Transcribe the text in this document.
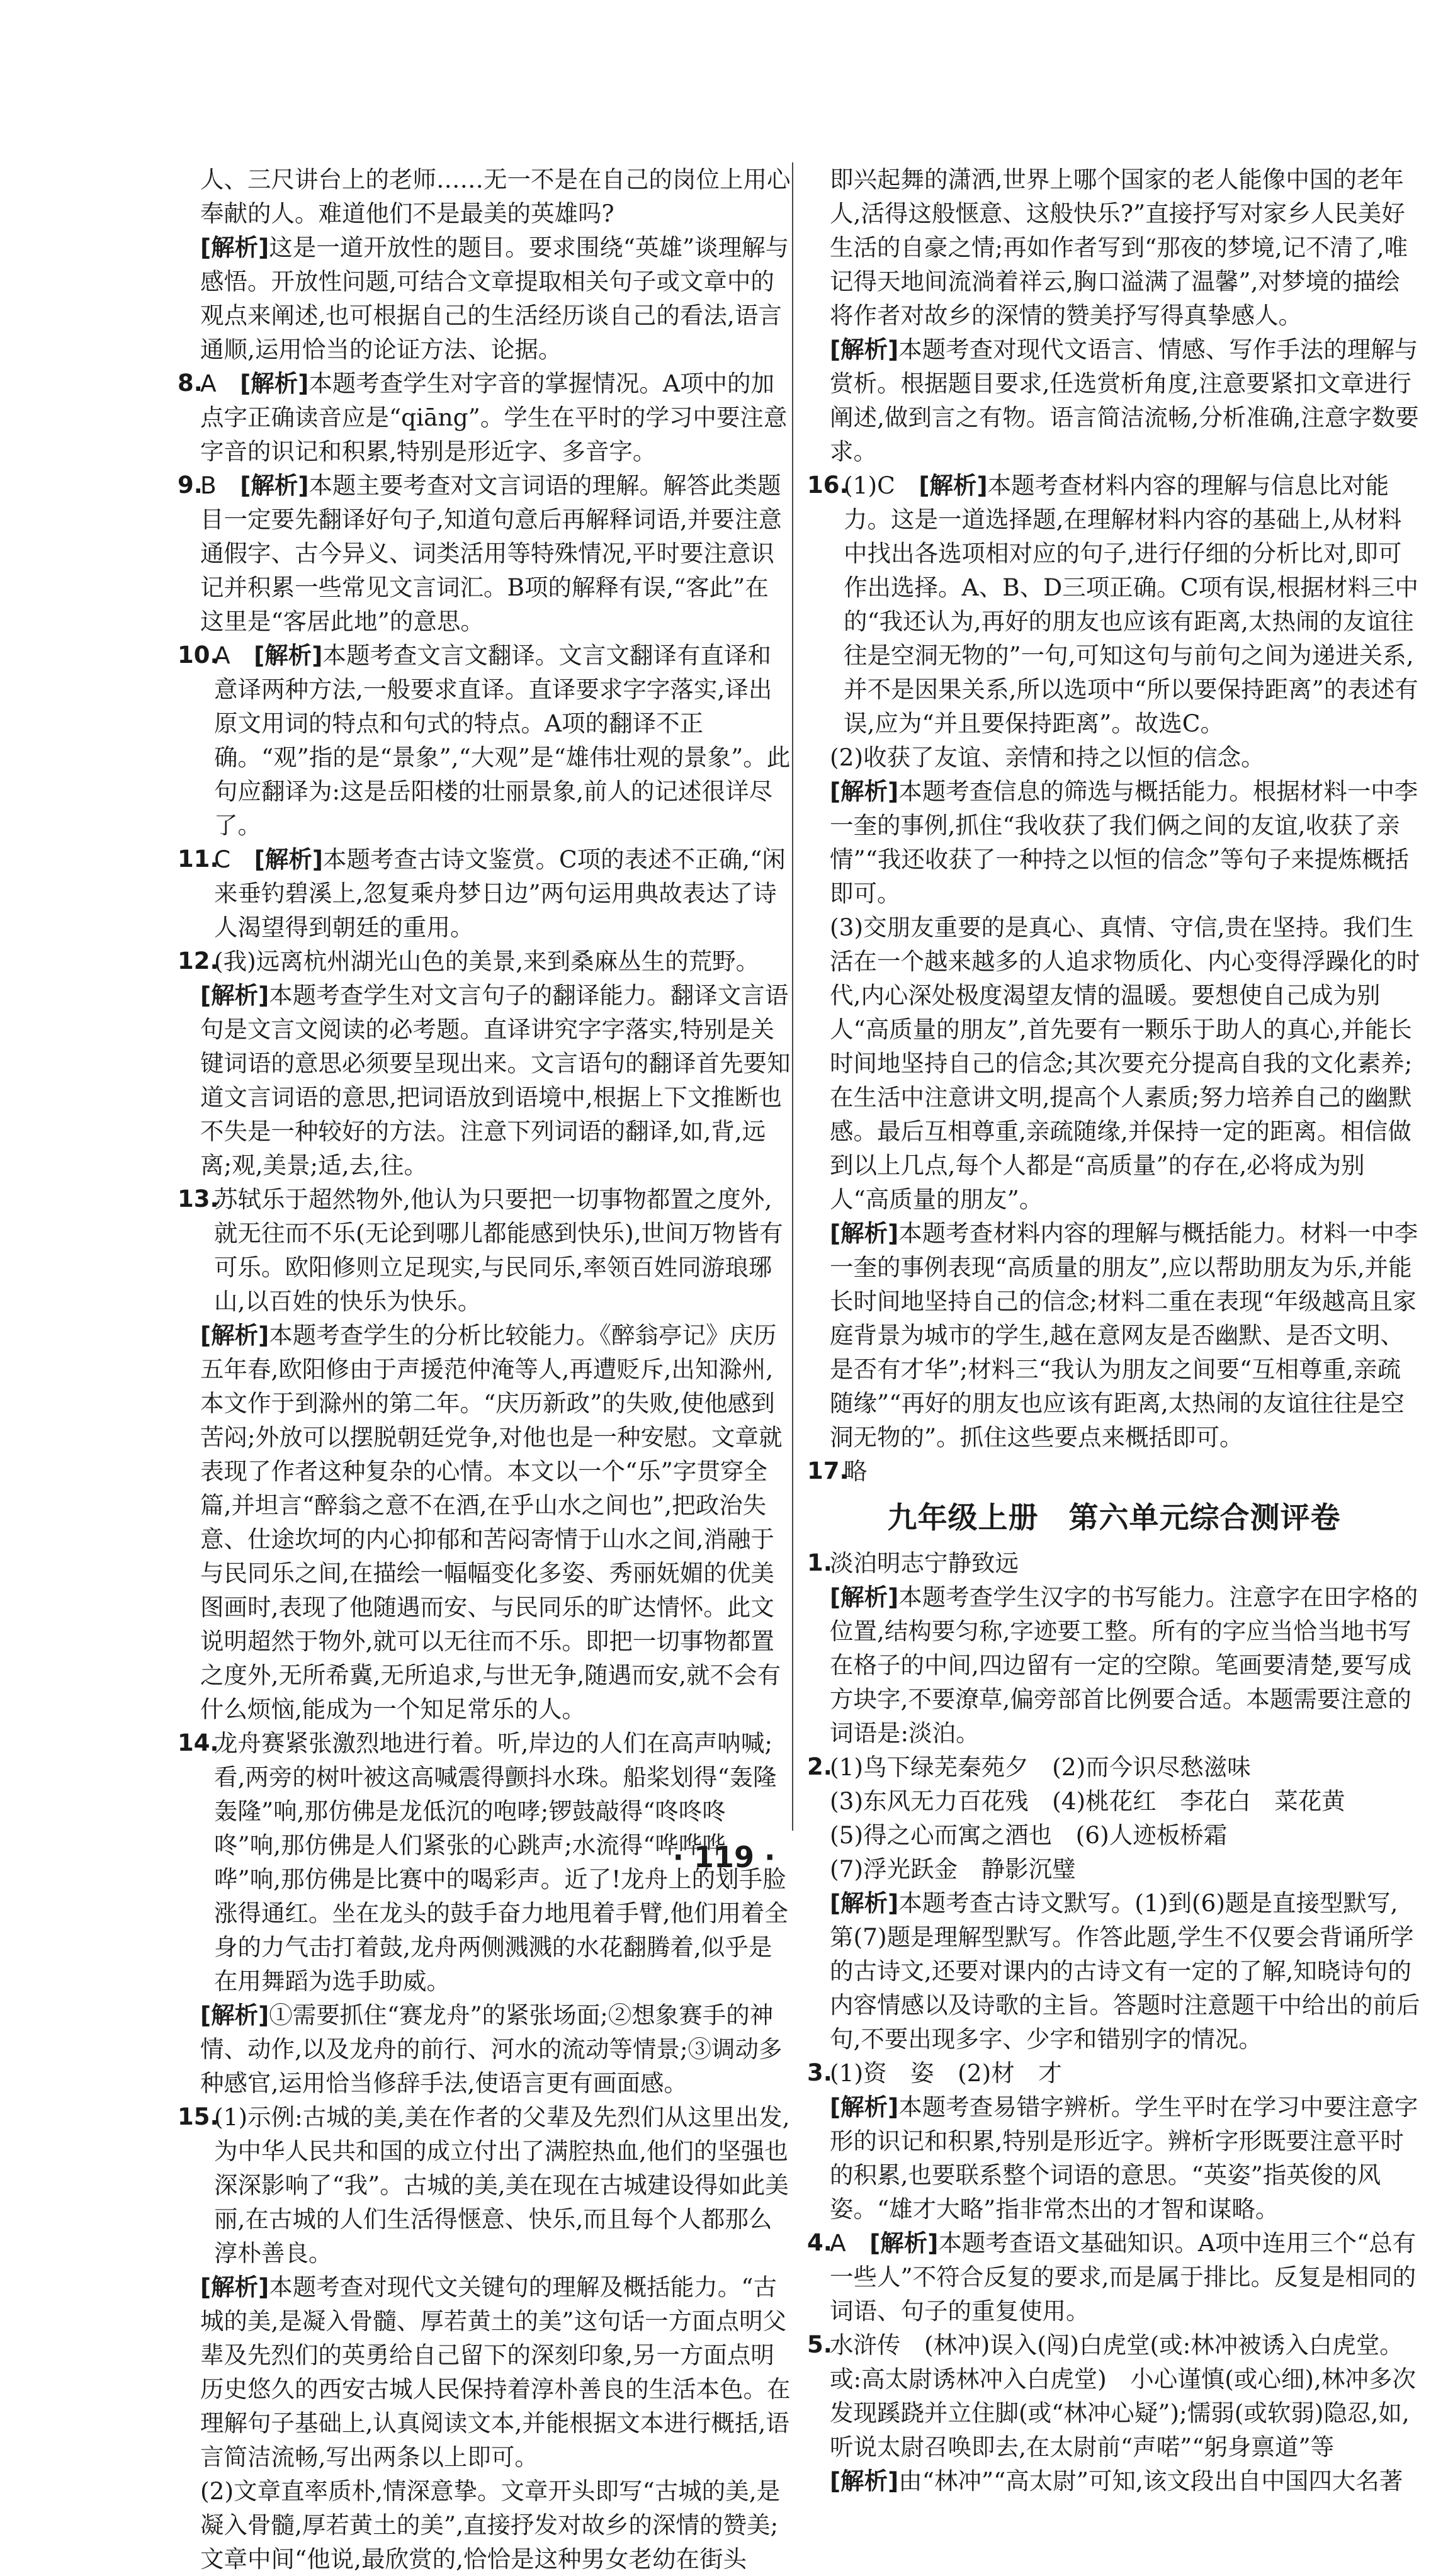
人、三尺讲台上的老师……无一不是在自己的岗位上用心奉献的人。难道他们不是最美的英雄吗?

[解析]这是一道开放性的题目。要求围绕“英雄”谈理解与感悟。开放性问题,可结合文章提取相关句子或文章中的观点来阐述,也可根据自己的生活经历谈自己的看法,语言通顺,运用恰当的论证方法、论据。

8.

A　 [解析]本题考查学生对字音的掌握情况。A项中的加点字正确读音应是“qiāng”。学生在平时的学习中要注意字音的识记和积累,特别是形近字、多音字。

9.

B　 [解析]本题主要考查对文言词语的理解。解答此类题目一定要先翻译好句子,知道句意后再解释词语,并要注意通假字、古今异义、词类活用等特殊情况,平时要注意识记并积累一些常见文言词汇。B项的解释有误,“客此”在这里是“客居此地”的意思。

10.

A　 [解析]本题考查文言文翻译。文言文翻译有直译和意译两种方法,一般要求直译。直译要求字字落实,译出原文用词的特点和句式的特点。A项的翻译不正确。“观”指的是“景象”,“大观”是“雄伟壮观的景象”。此句应翻译为:这是岳阳楼的壮丽景象,前人的记述很详尽了。

11.

C　 [解析]本题考查古诗文鉴赏。C项的表述不正确,“闲来垂钓碧溪上,忽复乘舟梦日边”两句运用典故表达了诗人渴望得到朝廷的重用。

12.

(我)远离杭州湖光山色的美景,来到桑麻丛生的荒野。

[解析]本题考查学生对文言句子的翻译能力。翻译文言语句是文言文阅读的必考题。直译讲究字字落实,特别是关键词语的意思必须要呈现出来。文言语句的翻译首先要知道文言词语的意思,把词语放到语境中,根据上下文推断也不失是一种较好的方法。注意下列词语的翻译,如,背,远离;观,美景;适,去,往。

13.

苏轼乐于超然物外,他认为只要把一切事物都置之度外,就无往而不乐(无论到哪儿都能感到快乐),世间万物皆有可乐。欧阳修则立足现实,与民同乐,率领百姓同游琅琊山,以百姓的快乐为快乐。

[解析]本题考查学生的分析比较能力。《醉翁亭记》庆历五年春,欧阳修由于声援范仲淹等人,再遭贬斥,出知滁州,本文作于到滁州的第二年。“庆历新政”的失败,使他感到苦闷;外放可以摆脱朝廷党争,对他也是一种安慰。文章就表现了作者这种复杂的心情。本文以一个“乐”字贯穿全篇,并坦言“醉翁之意不在酒,在乎山水之间也”,把政治失意、仕途坎坷的内心抑郁和苦闷寄情于山水之间,消融于与民同乐之间,在描绘一幅幅变化多姿、秀丽妩媚的优美图画时,表现了他随遇而安、与民同乐的旷达情怀。此文说明超然于物外,就可以无往而不乐。即把一切事物都置之度外,无所希冀,无所追求,与世无争,随遇而安,就不会有什么烦恼,能成为一个知足常乐的人。

14.

龙舟赛紧张激烈地进行着。听,岸边的人们在高声呐喊;看,两旁的树叶被这高喊震得颤抖水珠。船桨划得“轰隆轰隆”响,那仿佛是龙低沉的咆哮;锣鼓敲得“咚咚咚咚”响,那仿佛是人们紧张的心跳声;水流得“哗哗哗哗”响,那仿佛是比赛中的喝彩声。近了!龙舟上的划手脸涨得通红。坐在龙头的鼓手奋力地甩着手臂,他们用着全身的力气击打着鼓,龙舟两侧溅溅的水花翻腾着,似乎是在用舞蹈为选手助威。

[解析]①需要抓住“赛龙舟”的紧张场面;②想象赛手的神情、动作,以及龙舟的前行、河水的流动等情景;③调动多种感官,运用恰当修辞手法,使语言更有画面感。

15.

(1)示例:古城的美,美在作者的父辈及先烈们从这里出发,为中华人民共和国的成立付出了满腔热血,他们的坚强也深深影响了“我”。古城的美,美在现在古城建设得如此美丽,在古城的人们生活得惬意、快乐,而且每个人都那么淳朴善良。

[解析]本题考查对现代文关键句的理解及概括能力。“古城的美,是凝入骨髓、厚若黄土的美”这句话一方面点明父辈及先烈们的英勇给自己留下的深刻印象,另一方面点明历史悠久的西安古城人民保持着淳朴善良的生活本色。在理解句子基础上,认真阅读文本,并能根据文本进行概括,语言简洁流畅,写出两条以上即可。

(2)文章直率质朴,情深意挚。文章开头即写“古城的美,是凝入骨髓,厚若黄土的美”,直接抒发对故乡的深情的赞美;文章中间“他说,最欣赏的,恰恰是这种男女老幼在街头

即兴起舞的潇洒,世界上哪个国家的老人能像中国的老年人,活得这般惬意、这般快乐?”直接抒写对家乡人民美好生活的自豪之情;再如作者写到“那夜的梦境,记不清了,唯记得天地间流淌着祥云,胸口溢满了温馨”,对梦境的描绘将作者对故乡的深情的赞美抒写得真挚感人。

[解析]本题考查对现代文语言、情感、写作手法的理解与赏析。根据题目要求,任选赏析角度,注意要紧扣文章进行阐述,做到言之有物。语言简洁流畅,分析准确,注意字数要求。

16.

(1)C　 [解析]本题考查材料内容的理解与信息比对能力。这是一道选择题,在理解材料内容的基础上,从材料中找出各选项相对应的句子,进行仔细的分析比对,即可作出选择。A、B、D三项正确。C项有误,根据材料三中的“我还认为,再好的朋友也应该有距离,太热闹的友谊往往是空洞无物的”一句,可知这句与前句之间为递进关系,并不是因果关系,所以选项中“所以要保持距离”的表述有误,应为“并且要保持距离”。故选C。

(2)收获了友谊、亲情和持之以恒的信念。

[解析]本题考查信息的筛选与概括能力。根据材料一中李一奎的事例,抓住“我收获了我们俩之间的友谊,收获了亲情”“我还收获了一种持之以恒的信念”等句子来提炼概括即可。

(3)交朋友重要的是真心、真情、守信,贵在坚持。我们生活在一个越来越多的人追求物质化、内心变得浮躁化的时代,内心深处极度渴望友情的温暖。要想使自己成为别人“高质量的朋友”,首先要有一颗乐于助人的真心,并能长时间地坚持自己的信念;其次要充分提高自我的文化素养;在生活中注意讲文明,提高个人素质;努力培养自己的幽默感。最后互相尊重,亲疏随缘,并保持一定的距离。相信做到以上几点,每个人都是“高质量”的存在,必将成为别人“高质量的朋友”。

[解析]本题考查材料内容的理解与概括能力。材料一中李一奎的事例表现“高质量的朋友”,应以帮助朋友为乐,并能长时间地坚持自己的信念;材料二重在表现“年级越高且家庭背景为城市的学生,越在意网友是否幽默、是否文明、是否有才华”;材料三“我认为朋友之间要“互相尊重,亲疏随缘”“再好的朋友也应该有距离,太热闹的友谊往往是空洞无物的”。抓住这些要点来概括即可。

17.

略

九年级上册　第六单元综合测评卷
1.

淡泊明志宁静致远

[解析]本题考查学生汉字的书写能力。注意字在田字格的位置,结构要匀称,字迹要工整。所有的字应当恰当地书写在格子的中间,四边留有一定的空隙。笔画要清楚,要写成方块字,不要潦草,偏旁部首比例要合适。本题需要注意的词语是:淡泊。

2.

(1)鸟下绿芜秦苑夕　(2)而今识尽愁滋味

(3)东风无力百花残　(4)桃花红　李花白　菜花黄

(5)得之心而寓之酒也　(6)人迹板桥霜

(7)浮光跃金　静影沉璧

[解析]本题考查古诗文默写。(1)到(6)题是直接型默写,第(7)题是理解型默写。作答此题,学生不仅要会背诵所学的古诗文,还要对课内的古诗文有一定的了解,知晓诗句的内容情感以及诗歌的主旨。答题时注意题干中给出的前后句,不要出现多字、少字和错别字的情况。

3.

(1)资　姿　(2)材　才

[解析]本题考查易错字辨析。学生平时在学习中要注意字形的识记和积累,特别是形近字。辨析字形既要注意平时的积累,也要联系整个词语的意思。“英姿”指英俊的风姿。“雄才大略”指非常杰出的才智和谋略。

4.

A　 [解析]本题考查语文基础知识。A项中连用三个“总有一些人”不符合反复的要求,而是属于排比。反复是相同的词语、句子的重复使用。

5.

水浒传　(林冲)误入(闯)白虎堂(或:林冲被诱入白虎堂。或:高太尉诱林冲入白虎堂)　小心谨慎(或心细),林冲多次发现蹊跷并立住脚(或“林冲心疑”);懦弱(或软弱)隐忍,如,听说太尉召唤即去,在太尉前“声喏”“躬身禀道”等

[解析]由“林冲”“高太尉”可知,该文段出自中国四大名著

· 119 ·
